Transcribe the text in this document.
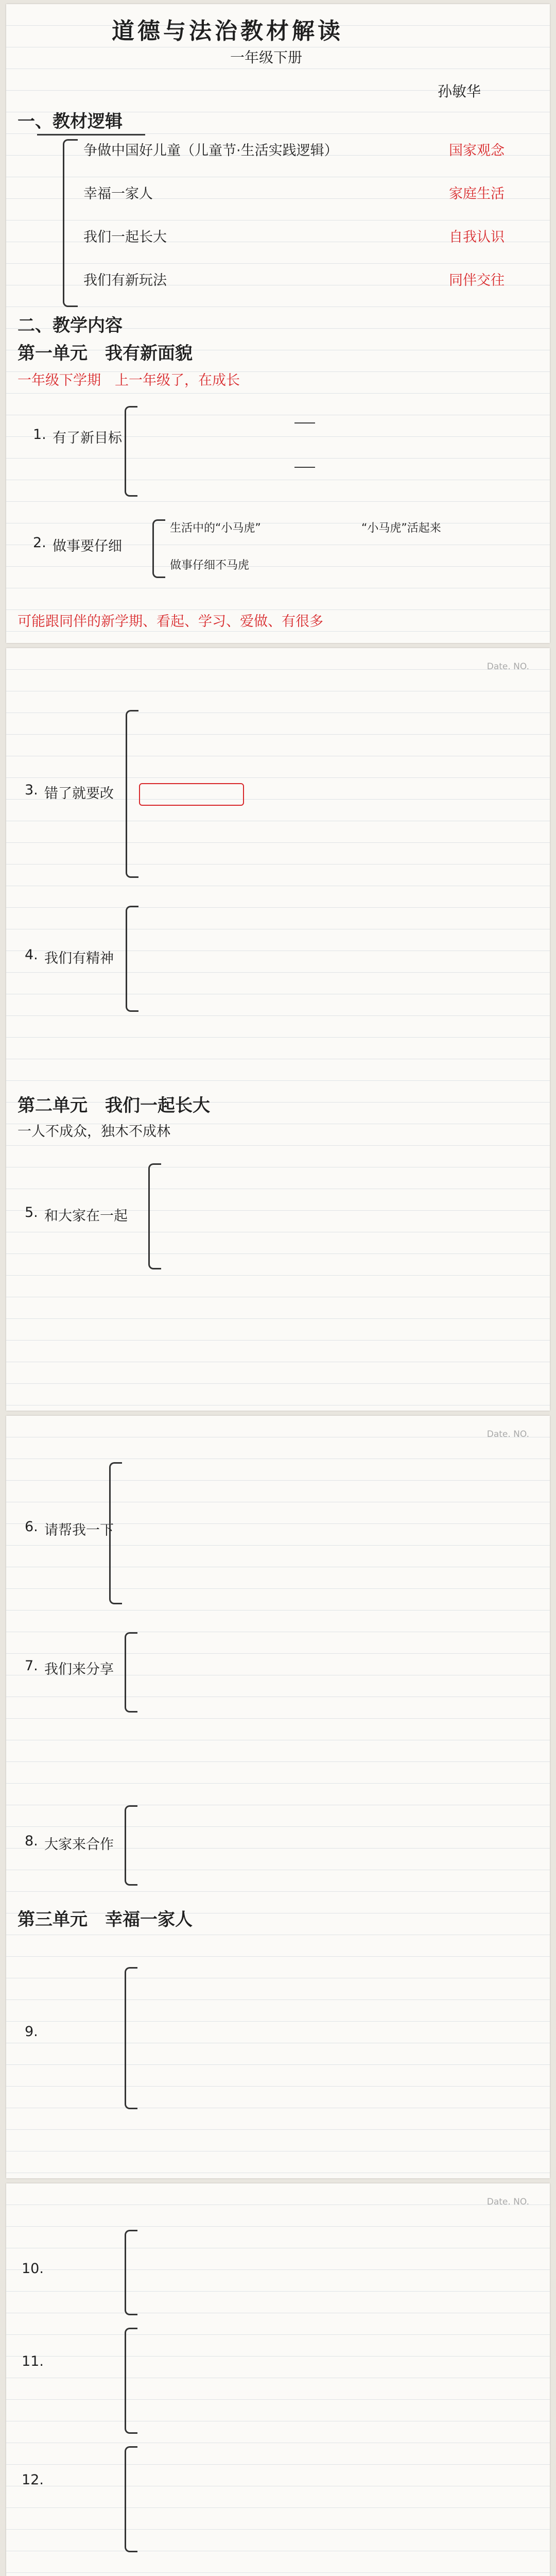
道德与法治教材解读
一年级下册
孙敏华
一、教材逻辑
争做中国好儿童（儿童节·生活实践逻辑）
幸福一家人
我们一起长大
我们有新玩法
国家观念
家庭生活
自我认识
同伴交往
二、教学内容
第一单元　我有新面貌
一年级下学期　上一年级了，在成长
1. 有了新目标
2. 做事要仔细
生活中的“小马虎”
做事仔细不马虎
“小马虎”活起来
可能跟同伴的新学期、看起、学习、爱做、有很多
Date. NO.
3. 错了就要改
4. 我们有精神
第二单元　我们一起长大
一人不成众，独木不成林
5. 和大家在一起
Date. NO.
6. 请帮我一下
7. 我们来分享
8. 大家来合作
第三单元　幸福一家人
9.
Date. NO.
10.
11.
12.
